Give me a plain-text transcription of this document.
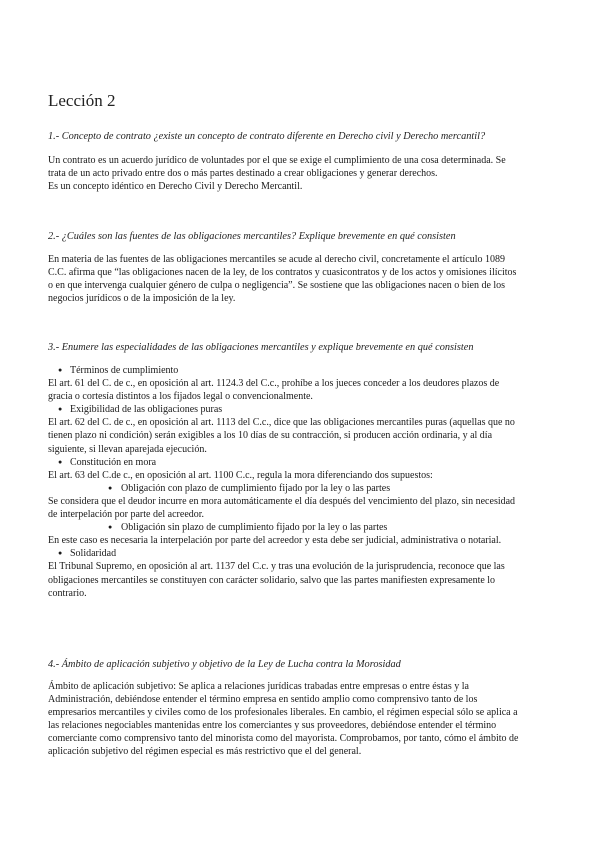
Lección 2
1.- Concepto de contrato ¿existe un concepto de contrato diferente en Derecho civil y Derecho mercantil?
Un contrato es un acuerdo jurídico de voluntades por el que se exige el cumplimiento de una cosa determinada. Se
trata de un acto privado entre dos o más partes destinado a crear obligaciones y generar derechos.
Es un concepto idéntico en Derecho Civil y Derecho Mercantil.
2.- ¿Cuáles son las fuentes de las obligaciones mercantiles? Explique brevemente en qué consisten
En materia de las fuentes de las obligaciones mercantiles se acude al derecho civil, concretamente el artículo 1089
C.C. afirma que “las obligaciones nacen de la ley, de los contratos y cuasicontratos y de los actos y omisiones ilícitos
o en que intervenga cualquier género de culpa o negligencia”. Se sostiene que las obligaciones nacen o bien de los
negocios jurídicos o de la imposición de la ley.
3.- Enumere las especialidades de las obligaciones mercantiles y explique brevemente en qué consisten
● Términos de cumplimiento
El art. 61 del C. de c., en oposición al art. 1124.3 del C.c., prohíbe a los jueces conceder a los deudores plazos de
gracia o cortesía distintos a los fijados legal o convencionalmente.
● Exigibilidad de las obligaciones puras
El art. 62 del C. de c., en oposición al art. 1113 del C.c., dice que las obligaciones mercantiles puras (aquellas que no
tienen plazo ni condición) serán exigibles a los 10 días de su contracción, si producen acción ordinaria, y al día
siguiente, si llevan aparejada ejecución.
● Constitución en mora
El art. 63 del C.de c., en oposición al art. 1100 C.c., regula la mora diferenciando dos supuestos:
● Obligación con plazo de cumplimiento fijado por la ley o las partes
Se considera que el deudor incurre en mora automáticamente el día después del vencimiento del plazo, sin necesidad
de interpelación por parte del acreedor.
● Obligación sin plazo de cumplimiento fijado por la ley o las partes
En este caso es necesaria la interpelación por parte del acreedor y esta debe ser judicial, administrativa o notarial.
● Solidaridad
El Tribunal Supremo, en oposición al art. 1137 del C.c. y tras una evolución de la jurisprudencia, reconoce que las
obligaciones mercantiles se constituyen con carácter solidario, salvo que las partes manifiesten expresamente lo
contrario.
4.- Ámbito de aplicación subjetivo y objetivo de la Ley de Lucha contra la Morosidad
Ámbito de aplicación subjetivo: Se aplica a relaciones jurídicas trabadas entre empresas o entre éstas y la
Administración, debiéndose entender el término empresa en sentido amplio como comprensivo tanto de los
empresarios mercantiles y civiles como de los profesionales liberales. En cambio, el régimen especial sólo se aplica a
las relaciones negociables mantenidas entre los comerciantes y sus proveedores, debiéndose entender el término
comerciante como comprensivo tanto del minorista como del mayorista. Comprobamos, por tanto, cómo el ámbito de
aplicación subjetivo del régimen especial es más restrictivo que el del general.
